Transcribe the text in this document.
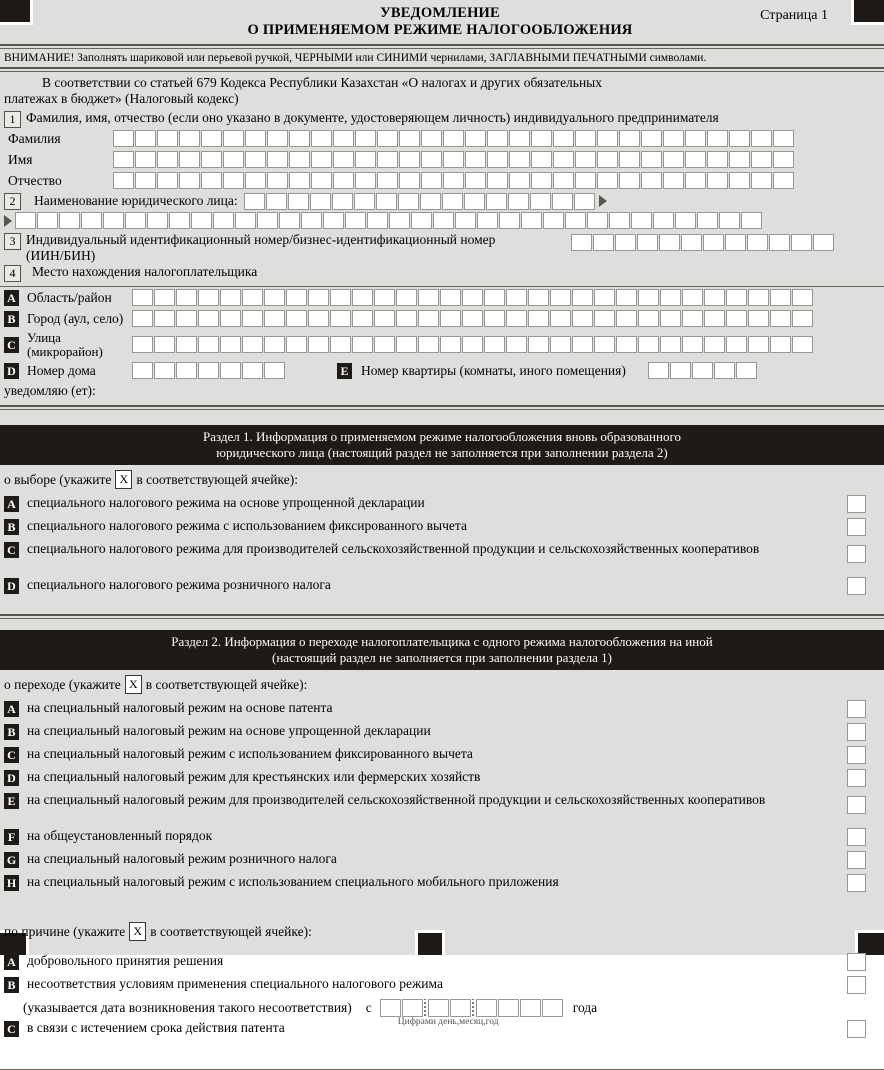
УВЕДОМЛЕНИЕ
О ПРИМЕНЯЕМОМ РЕЖИМЕ НАЛОГООБЛОЖЕНИЯ
Страница 1
ВНИМАНИЕ! Заполнять шариковой или перьевой ручкой, ЧЕРНЫМИ или СИНИМИ чернилами, ЗАГЛАВНЫМИ ПЕЧАТНЫМИ символами.
В соответствии со статьей 679 Кодекса Республики Казахстан «О налогах и других обязательных
платежах в бюджет» (Налоговый кодекс)
1 Фамилия, имя, отчество (если оно указано в документе, удостоверяющем личность) индивидуального предпринимателя
Фамилия
Имя
Отчество
2	Наименование юридического лица:
3 Индивидуальный идентификационный номер/бизнес-идентификационный номер
(ИИН/БИН)
4	Место нахождения налогоплательщика
A Область/район
B Город (аул, село)
C Улица
(микрорайон)
D Номер дома	E Номер квартиры (комнаты, иного помещения)
уведомляю (ет):
Раздел 1. Информация о применяемом режиме налогообложения вновь образованного
юридического лица (настоящий раздел не заполняется при заполнении раздела 2)
о выборе (укажите X в соответствующей ячейке):
A специального налогового режима на основе упрощенной декларации
B специального налогового режима с использованием фиксированного вычета
C специального налогового режима для производителей сельскохозяйственной продукции и сельскохозяйственных кооперативов
D специального налогового режима розничного налога
Раздел 2. Информация о переходе налогоплательщика с одного режима налогообложения на иной
(настоящий раздел не заполняется при заполнении раздела 1)
о переходе (укажите X в соответствующей ячейке):
A на специальный налоговый режим на основе патента
B на специальный налоговый режим на основе упрощенной декларации
C на специальный налоговый режим с использованием фиксированного вычета
D на специальный налоговый режим для крестьянских или фермерских хозяйств
E на специальный налоговый режим для производителей сельскохозяйственной продукции и сельскохозяйственных кооперативов
F на общеустановленный порядок
G на специальный налоговый режим розничного налога
H на специальный налоговый режим с использованием специального мобильного приложения
по причине (укажите X в соответствующей ячейке):
A добровольного принятия решения
B несоответствия условиям применения специального налогового режима
(указывается дата возникновения такого несоответствия)	с
Цифрами день,месяц,год
года
C в связи с истечением срока действия патента
